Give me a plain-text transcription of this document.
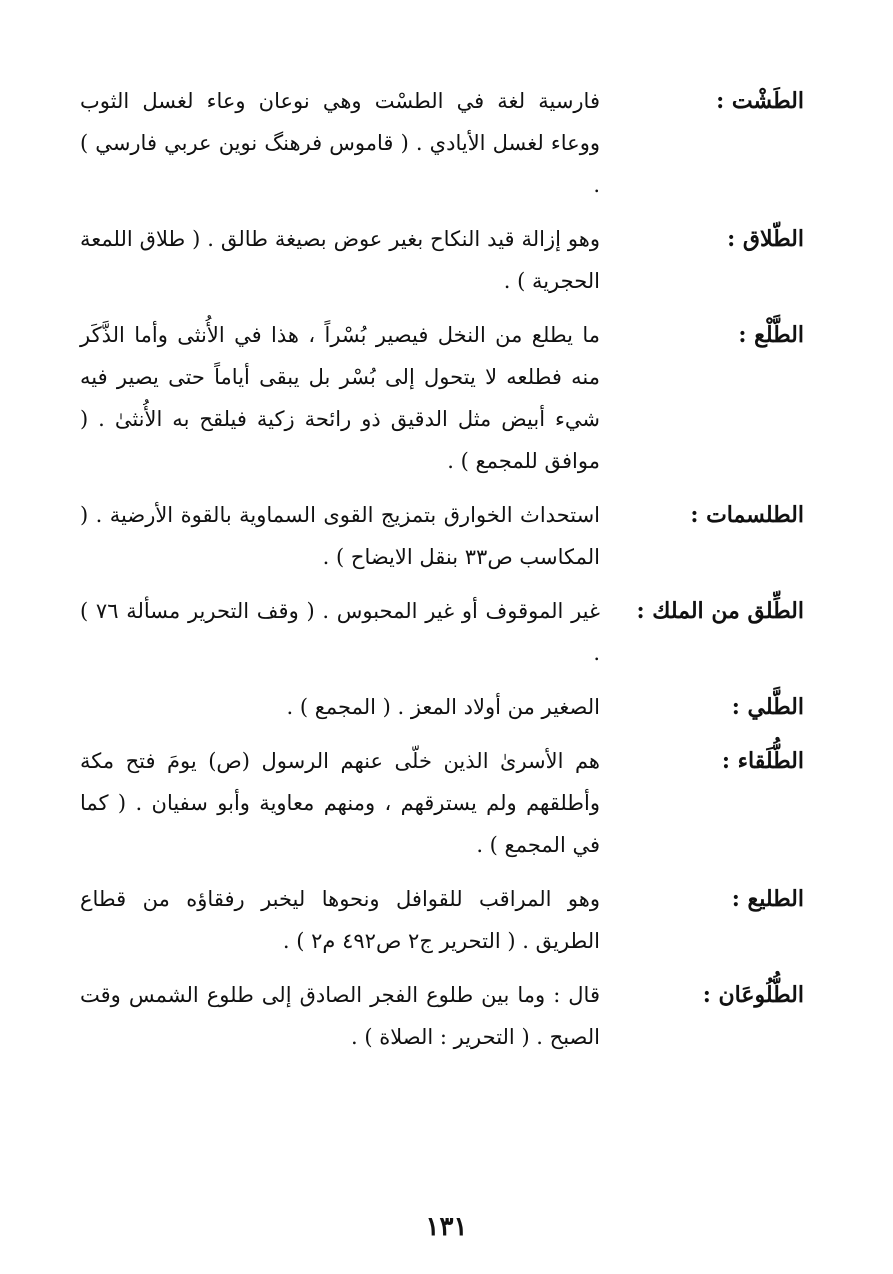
الطَشْت :
فارسية لغة في الطسْت وهي نوعان وعاء لغسل الثوب ووعاء لغسل الأيادي . ( قاموس فرهنگ نوين عربي فارسي ) .
الطّلاق :
وهو إزالة قيد النكاح بغير عوض بصيغة طالق . ( طلاق اللمعة الحجرية ) .
الطَّلْع :
ما يطلع من النخل فيصير بُسْراً ، هذا في الأُنثى وأما الذَّكَر منه فطلعه لا يتحول إلى بُسْر بل يبقى أياماً حتى يصير فيه شيء أبيض مثل الدقيق ذو رائحة زكية فيلقح به الأُنثىٰ . ( موافق للمجمع ) .
الطلسمات :
استحداث الخوارق بتمزيج القوى السماوية بالقوة الأرضية . ( المكاسب ص٣٣ بنقل الايضاح ) .
الطِّلق من الملك :
غير الموقوف أو غير المحبوس . ( وقف التحرير مسألة ٧٦ ) .
الطَّلي :
الصغير من أولاد المعز . ( المجمع ) .
الطُّلَقاء :
هم الأسرىٰ الذين خلّى عنهم الرسول (ص) يومَ فتح مكة وأطلقهم ولم يسترقهم ، ومنهم معاوية وأبو سفيان . ( كما في المجمع ) .
الطليع :
وهو المراقب للقوافل ونحوها ليخبر رفقاؤه من قطاع الطريق . ( التحرير ج٢ ص٤٩٢ م٢ ) .
الطُّلُوعَان :
قال : وما بين طلوع الفجر الصادق إلى طلوع الشمس وقت الصبح . ( التحرير : الصلاة ) .
١٣١
